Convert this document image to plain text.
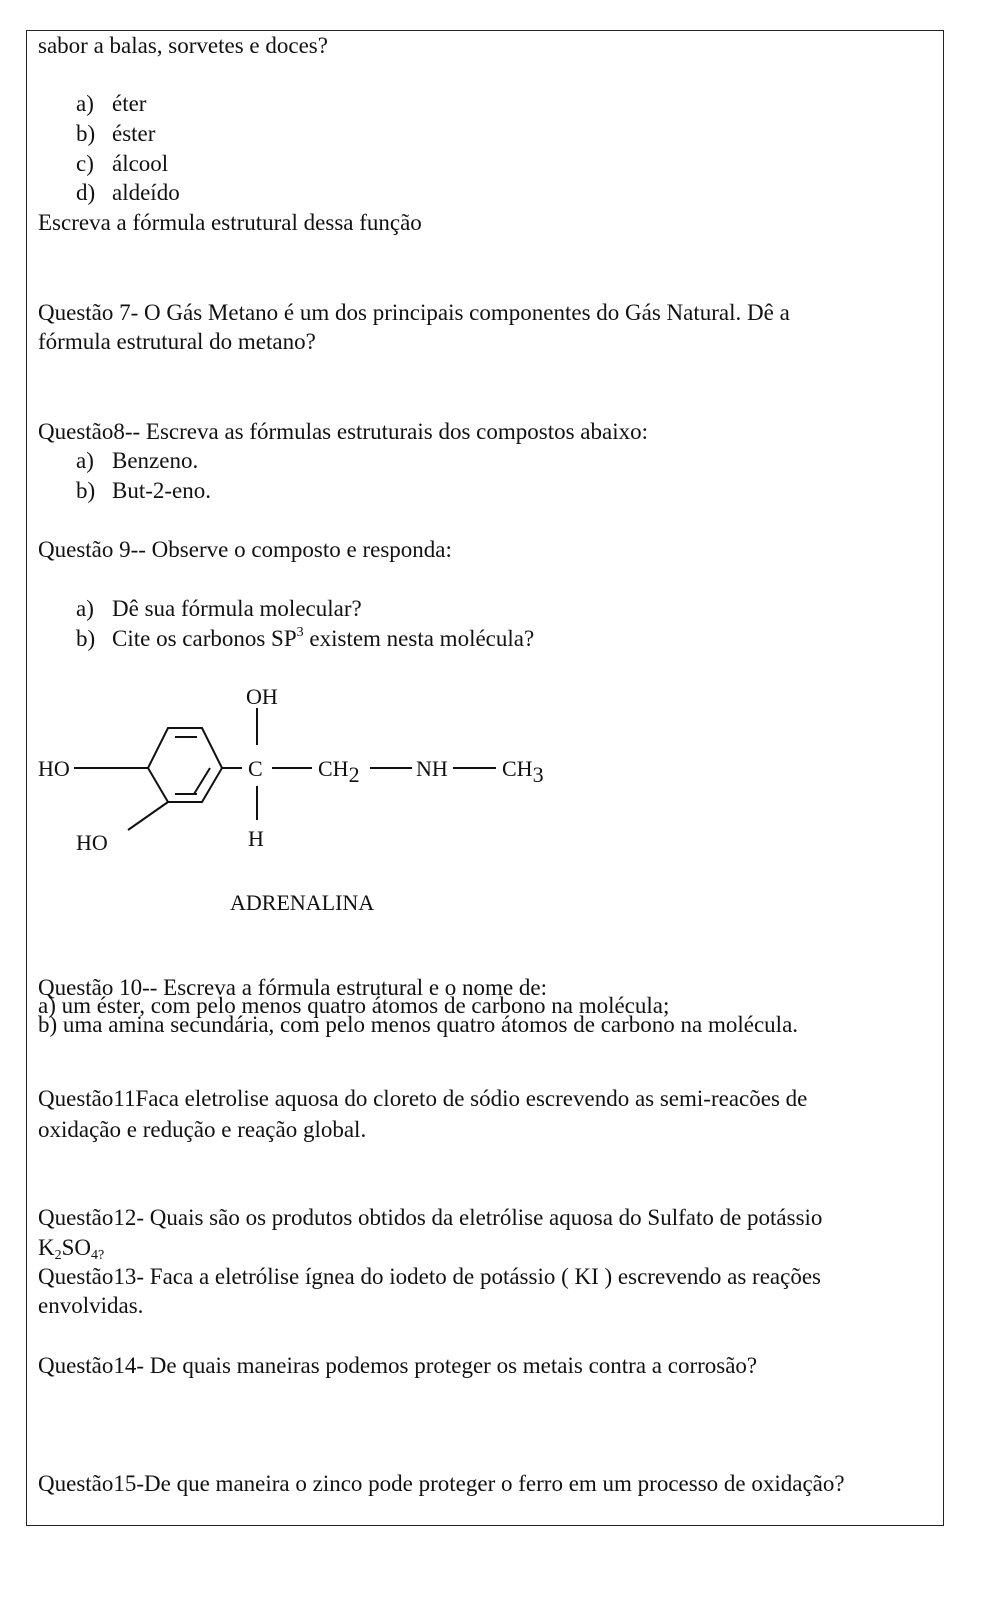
sabor a balas, sorvetes e doces?
a) éter
b) éster
c) álcool
d) aldeído
Escreva a fórmula estrutural dessa função
Questão 7- O Gás Metano é um dos principais componentes do Gás Natural. Dê a
fórmula estrutural do metano?
Questão8-- Escreva as fórmulas estruturais dos compostos abaixo:
a) Benzeno.
b) But-2-eno.
Questão 9-- Observe o composto e responda:
a) Dê sua fórmula molecular?
b) Cite os carbonos $SP^3$ existem nesta molécula?
OH
HO
HO
C
H
CH2	NH CH3
ADRENALINA
Questão 10-- Escreva a fórmula estrutural e o nome de:
a) um éster, com pelo menos quatro átomos de carbono na molécula;
b) uma amina secundária, com pelo menos quatro átomos de carbono na molécula.
Questão11Faca eletrolise aquosa do cloreto de sódio escrevendo as semi-reacões de
oxidação e redução e reação global.
Questão12- Quais são os produtos obtidos da eletrólise aquosa do Sulfato de potássio
$K_2SO_{4?}$
Questão13- Faca a eletrólise ígnea do iodeto de potássio ( KI ) escrevendo as reações
envolvidas.
Questão14- De quais maneiras podemos proteger os metais contra a corrosão?
Questão15-De que maneira o zinco pode proteger o ferro em um processo de oxidação?
